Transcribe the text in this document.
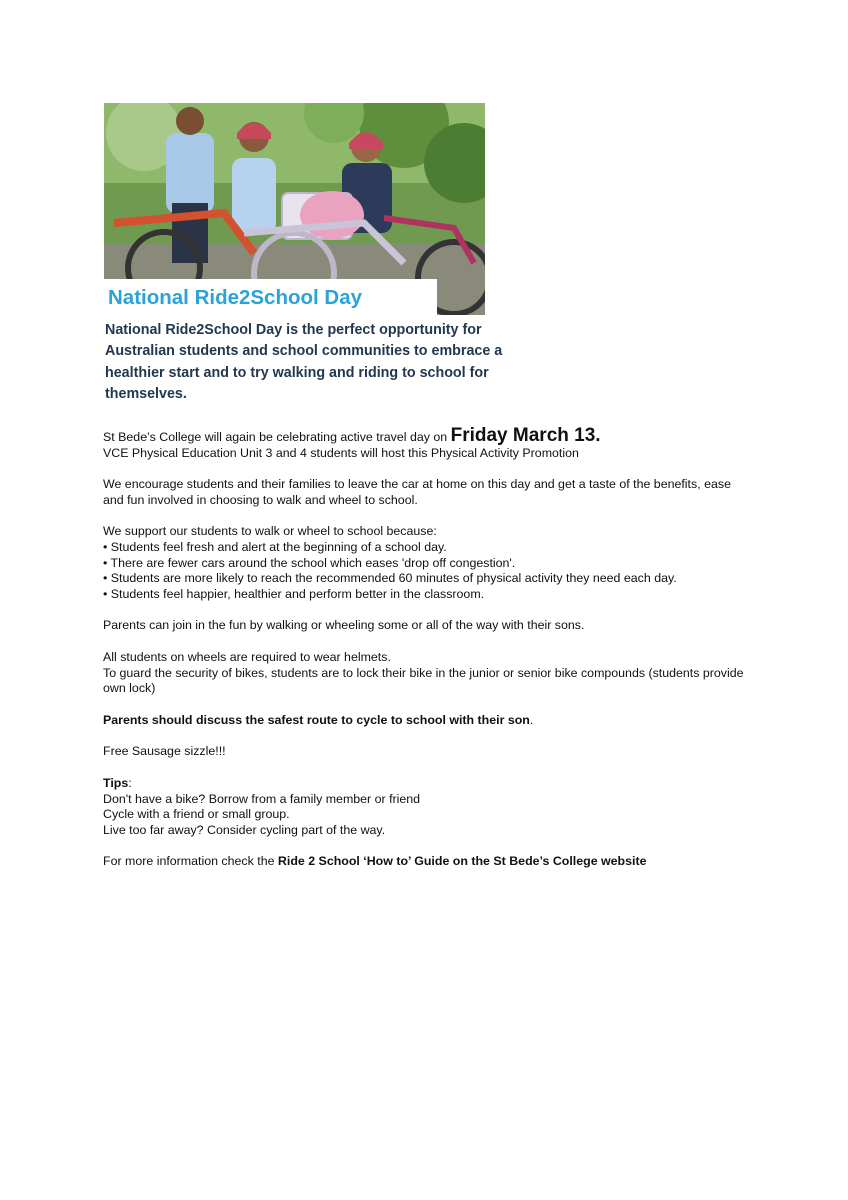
National Ride2School Day
National Ride2School Day is the perfect opportunity for Australian students and school communities to embrace a healthier start and to try walking and riding to school for themselves.

St Bede’s College will again be celebrating active travel day on Friday March 13.

VCE Physical Education Unit 3 and 4 students will host this Physical Activity Promotion

We encourage students and their families to leave the car at home on this day and get a taste of the benefits, ease and fun involved in choosing to walk and wheel to school.

We support our students to walk or wheel to school because:

• Students feel fresh and alert at the beginning of a school day.

• There are fewer cars around the school which eases 'drop off congestion'.

• Students are more likely to reach the recommended 60 minutes of physical activity they need each day.

• Students feel happier, healthier and perform better in the classroom.

Parents can join in the fun by walking or wheeling some or all of the way with their sons.

All students on wheels are required to wear helmets.

To guard the security of bikes, students are to lock their bike in the junior or senior bike compounds (students provide own lock)

Parents should discuss the safest route to cycle to school with their son.

Free Sausage sizzle!!!

Tips:

Don't have a bike? Borrow from a family member or friend

Cycle with a friend or small group.

Live too far away? Consider cycling part of the way.

For more information check the Ride 2 School ‘How to’ Guide on the St Bede’s College website
